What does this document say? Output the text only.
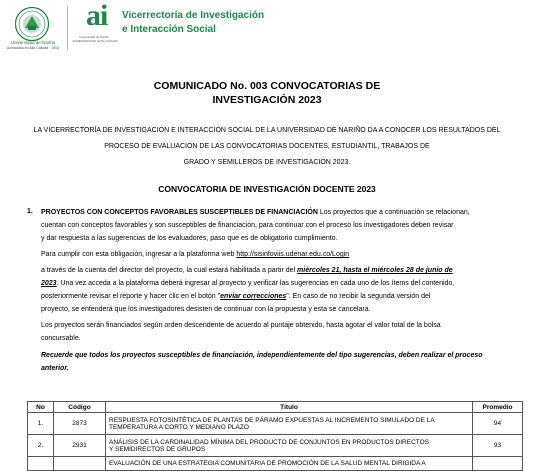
Universidad de Nariño
Acreditada en Alta Calidad · 1904
ai
Universidad de Nariño · ACREDITADA EN ALTA CALIDAD
Vicerrectoría de Investigación
e Interacción Social
COMUNICADO No. 003 CONVOCATORIAS DE
INVESTIGACIÓN 2023
LA VICERRECTORÍA DE INVESTIGACIÓN E INTERACCIÓN SOCIAL DE LA UNIVERSIDAD DE NARIÑO DA A CONOCER LOS RESULTADOS DEL
PROCESO DE EVALUACIÓN DE LAS CONVOCATORIAS DOCENTES, ESTUDIANTIL, TRABAJOS DE
GRADO Y SEMILLEROS DE INVESTIGACIÓN 2023.
CONVOCATORIA DE INVESTIGACIÓN DOCENTE 2023
1. PROYECTOS CON CONCEPTOS FAVORABLES SUSCEPTIBLES DE FINANCIACIÓN Los proyectos que a continuación se relacionan,
cuentan con conceptos favorables y son susceptibles de financiación, para continuar con el proceso los investigadores deben revisar
y dar respuesta a las sugerencias de los evaluadores, paso que es de obligatorio cumplimiento.
Para cumplir con esta obligación, ingresar a la plataforma web http://sisinfoviis.udenar.edu.co/Login
a través de la cuenta del director del proyecto, la cual estará habilitada a partir del miércoles 21, hasta el miércoles 28 de junio de
2023. Una vez acceda a la plataforma deberá ingresar al proyecto y verificar las sugerencias en cada uno de los ítems del contenido,
posteriormente revisar el reporte y hacer clic en el botón "enviar correcciones". En caso de no recibir la segunda versión del
proyecto, se entenderá que los investigadores desisten de continuar con la propuesta y esta se cancelara.
Los proyectos serán financiados según orden descendente de acuerdo al puntaje obtenido, hasta agotar el valor total de la bolsa
concursable.
Recuerde que todos los proyectos susceptibles de financiación, independientemente del tipo sugerencias, deben realizar el proceso
anterior.
No	Código	Título	Promedio
1.	2873	RESPUESTA FOTOSINTÉTICA DE PLANTAS DE PÁRAMO EXPUESTAS AL INCREMENTO SIMULADO DE LA
TEMPERATURA A CORTO Y MEDIANO PLAZO	94
2.	2931	ANÁLISIS DE LA CARDINALIDAD MÍNIMA DEL PRODUCTO DE CONJUNTOS EN PRODUCTOS DIRECTOS
Y SEMIDIRECTOS DE GRUPOS	93

		EVALUACIÓN DE UNA ESTRATEGIA COMUNITARIA DE PROMOCIÓN DE LA SALUD MENTAL DIRIGIDA A	
